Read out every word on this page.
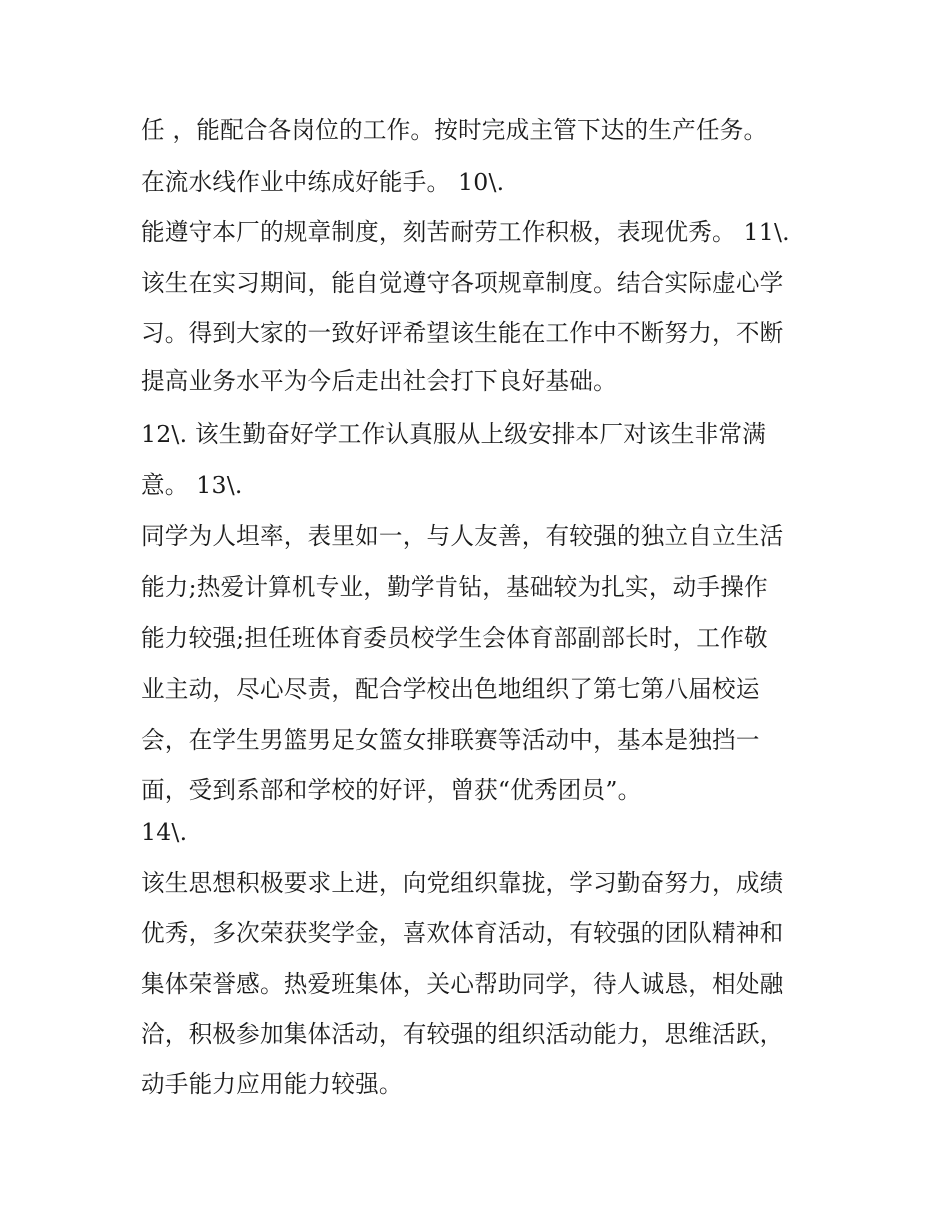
任 ，能配合各岗位的工作。按时完成主管下达的生产任务。
在流水线作业中练成好能手。 10\.
能遵守本厂的规章制度，刻苦耐劳工作积极，表现优秀。 11\.
该生在实习期间，能自觉遵守各项规章制度。结合实际虚心学
习。得到大家的一致好评希望该生能在工作中不断努力，不断
提高业务水平为今后走出社会打下良好基础。
12\. 该生勤奋好学工作认真服从上级安排本厂对该生非常满
意。 13\.
同学为人坦率，表里如一，与人友善，有较强的独立自立生活
能力;热爱计算机专业，勤学肯钻，基础较为扎实，动手操作
能力较强;担任班体育委员校学生会体育部副部长时，工作敬
业主动，尽心尽责，配合学校出色地组织了第七第八届校运
会，在学生男篮男足女篮女排联赛等活动中，基本是独挡一
面，受到系部和学校的好评，曾获“优秀团员”。
14\.
该生思想积极要求上进，向党组织靠拢，学习勤奋努力，成绩
优秀，多次荣获奖学金，喜欢体育活动，有较强的团队精神和
集体荣誉感。热爱班集体，关心帮助同学，待人诚恳，相处融
洽，积极参加集体活动，有较强的组织活动能力，思维活跃，
动手能力应用能力较强。
